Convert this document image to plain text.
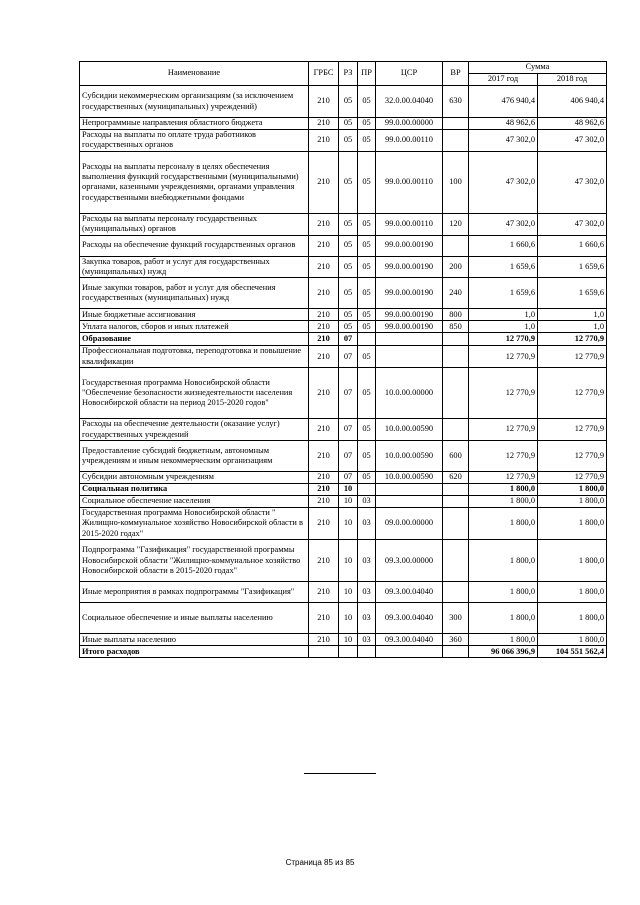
Наименование	ГРБС	РЗ	ПР	ЦСР	ВР	Сумма	
						2017 год	2018 год
Субсидии некоммерческим организациям (за исключением государственных (муниципальных) учреждений)	210	05	05	32.0.00.04040	630	476 940,4	406 940,4
Непрограммные направления областного бюджета	210	05	05	99.0.00.00000		48 962,6	48 962,6
Расходы на выплаты по оплате труда работников государственных органов	210	05	05	99.0.00.00110		47 302,0	47 302,0
Расходы на выплаты персоналу в целях обеспечения выполнения функций государственными (муниципальными) органами, казенными учреждениями, органами управления государственными внебюджетными фондами	210	05	05	99.0.00.00110	100	47 302,0	47 302,0
Расходы на выплаты персоналу государственных (муниципальных) органов	210	05	05	99.0.00.00110	120	47 302,0	47 302,0
Расходы на обеспечение функций государственных органов	210	05	05	99.0.00.00190		1 660,6	1 660,6
Закупка товаров, работ и услуг для государственных (муниципальных) нужд	210	05	05	99.0.00.00190	200	1 659,6	1 659,6
Иные закупки товаров, работ и услуг для обеспечения государственных (муниципальных) нужд	210	05	05	99.0.00.00190	240	1 659,6	1 659,6
Иные бюджетные ассигнования	210	05	05	99.0.00.00190	800	1,0	1,0
Уплата налогов, сборов и иных платежей	210	05	05	99.0.00.00190	850	1,0	1,0
Образование	210	07				12 770,9	12 770,9
Профессиональная подготовка, переподготовка и повышение квалификации	210	07	05			12 770,9	12 770,9
Государственная программа Новосибирской области "Обеспечение безопасности жизнедеятельности населения Новосибирской области на период 2015-2020 годов"	210	07	05	10.0.00.00000		12 770,9	12 770,9
Расходы на обеспечение деятельности (оказание услуг) государственных учреждений	210	07	05	10.0.00.00590		12 770,9	12 770,9
Предоставление субсидий бюджетным, автономным учреждениям и иным некоммерческим организациям	210	07	05	10.0.00.00590	600	12 770,9	12 770,9
Субсидии автономным учреждениям	210	07	05	10.0.00.00590	620	12 770,9	12 770,9
Социальная политика	210	10				1 800,0	1 800,0
Социальное обеспечение населения	210	10	03			1 800,0	1 800,0
Государственная программа Новосибирской области " Жилищно-коммунальное хозяйство Новосибирской области в 2015-2020 годах"	210	10	03	09.0.00.00000		1 800,0	1 800,0
Подпрограмма "Газификация" государственной программы Новосибирской области "Жилищно-коммунальное хозяйство Новосибирской области в 2015-2020 годах"	210	10	03	09.3.00.00000		1 800,0	1 800,0
Иные мероприятия в рамках подпрограммы "Газификация"	210	10	03	09.3.00.04040		1 800,0	1 800,0
Социальное обеспечение и иные выплаты населению	210	10	03	09.3.00.04040	300	1 800,0	1 800,0
Иные выплаты населению	210	10	03	09.3.00.04040	360	1 800,0	1 800,0
Итого расходов						96 066 396,9	104 551 562,4
Страница 85 из 85
